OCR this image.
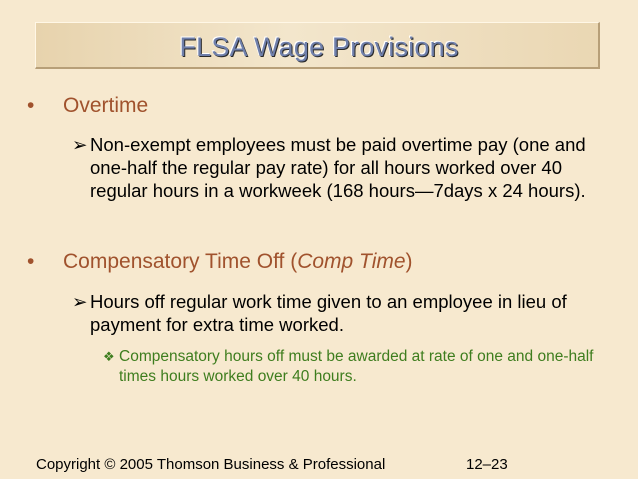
FLSA Wage Provisions
• Overtime
➢ Non-exempt employees must be paid overtime pay (one and one-half the regular pay rate) for all hours worked over 40 regular hours in a workweek (168 hours—7days x 24 hours).
• Compensatory Time Off (Comp Time)
➢ Hours off regular work time given to an employee in lieu of payment for extra time worked.
❖ Compensatory hours off must be awarded at rate of one and one-half times hours worked over 40 hours.
Copyright © 2005 Thomson Business & Professional	12–23
